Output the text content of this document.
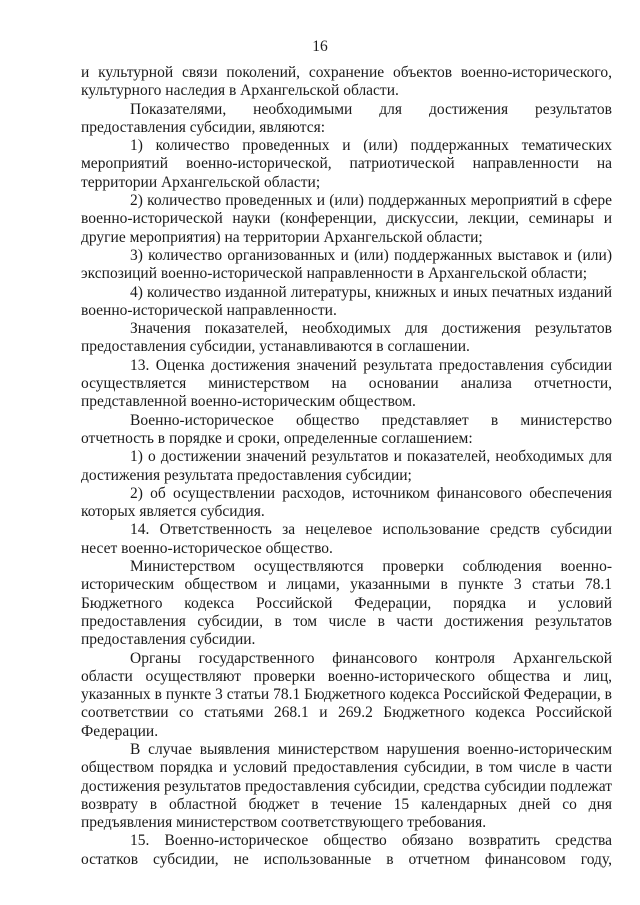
16

и культурной связи поколений, сохранение объектов военно-исторического, культурного наследия в Архангельской области.

Показателями, необходимыми для достижения результатов предоставления субсидии, являются:

1) количество проведенных и (или) поддержанных тематических мероприятий военно-исторической, патриотической направленности на территории Архангельской области;

2) количество проведенных и (или) поддержанных мероприятий в сфере военно-исторической науки (конференции, дискуссии, лекции, семинары и другие мероприятия) на территории Архангельской области;

3) количество организованных и (или) поддержанных выставок и (или) экспозиций военно-исторической направленности в Архангельской области;

4) количество изданной литературы, книжных и иных печатных изданий военно-исторической направленности.

Значения показателей, необходимых для достижения результатов предоставления субсидии, устанавливаются в соглашении.

13. Оценка достижения значений результата предоставления субсидии осуществляется министерством на основании анализа отчетности, представленной военно-историческим обществом.

Военно-историческое общество представляет в министерство отчетность в порядке и сроки, определенные соглашением:

1) о достижении значений результатов и показателей, необходимых для достижения результата предоставления субсидии;

2) об осуществлении расходов, источником финансового обеспечения которых является субсидия.

14. Ответственность за нецелевое использование средств субсидии несет военно-историческое общество.

Министерством осуществляются проверки соблюдения военно-историческим обществом и лицами, указанными в пункте 3 статьи 78.1 Бюджетного кодекса Российской Федерации, порядка и условий предоставления субсидии, в том числе в части достижения результатов предоставления субсидии.

Органы государственного финансового контроля Архангельской области осуществляют проверки военно-исторического общества и лиц, указанных в пункте 3 статьи 78.1 Бюджетного кодекса Российской Федерации, в соответствии со статьями 268.1 и 269.2 Бюджетного кодекса Российской Федерации.

В случае выявления министерством нарушения военно-историческим обществом порядка и условий предоставления субсидии, в том числе в части достижения результатов предоставления субсидии, средства субсидии подлежат возврату в областной бюджет в течение 15 календарных дней со дня предъявления министерством соответствующего требования.

15. Военно-историческое общество обязано возвратить средства остатков субсидии, не использованные в отчетном финансовом году,
